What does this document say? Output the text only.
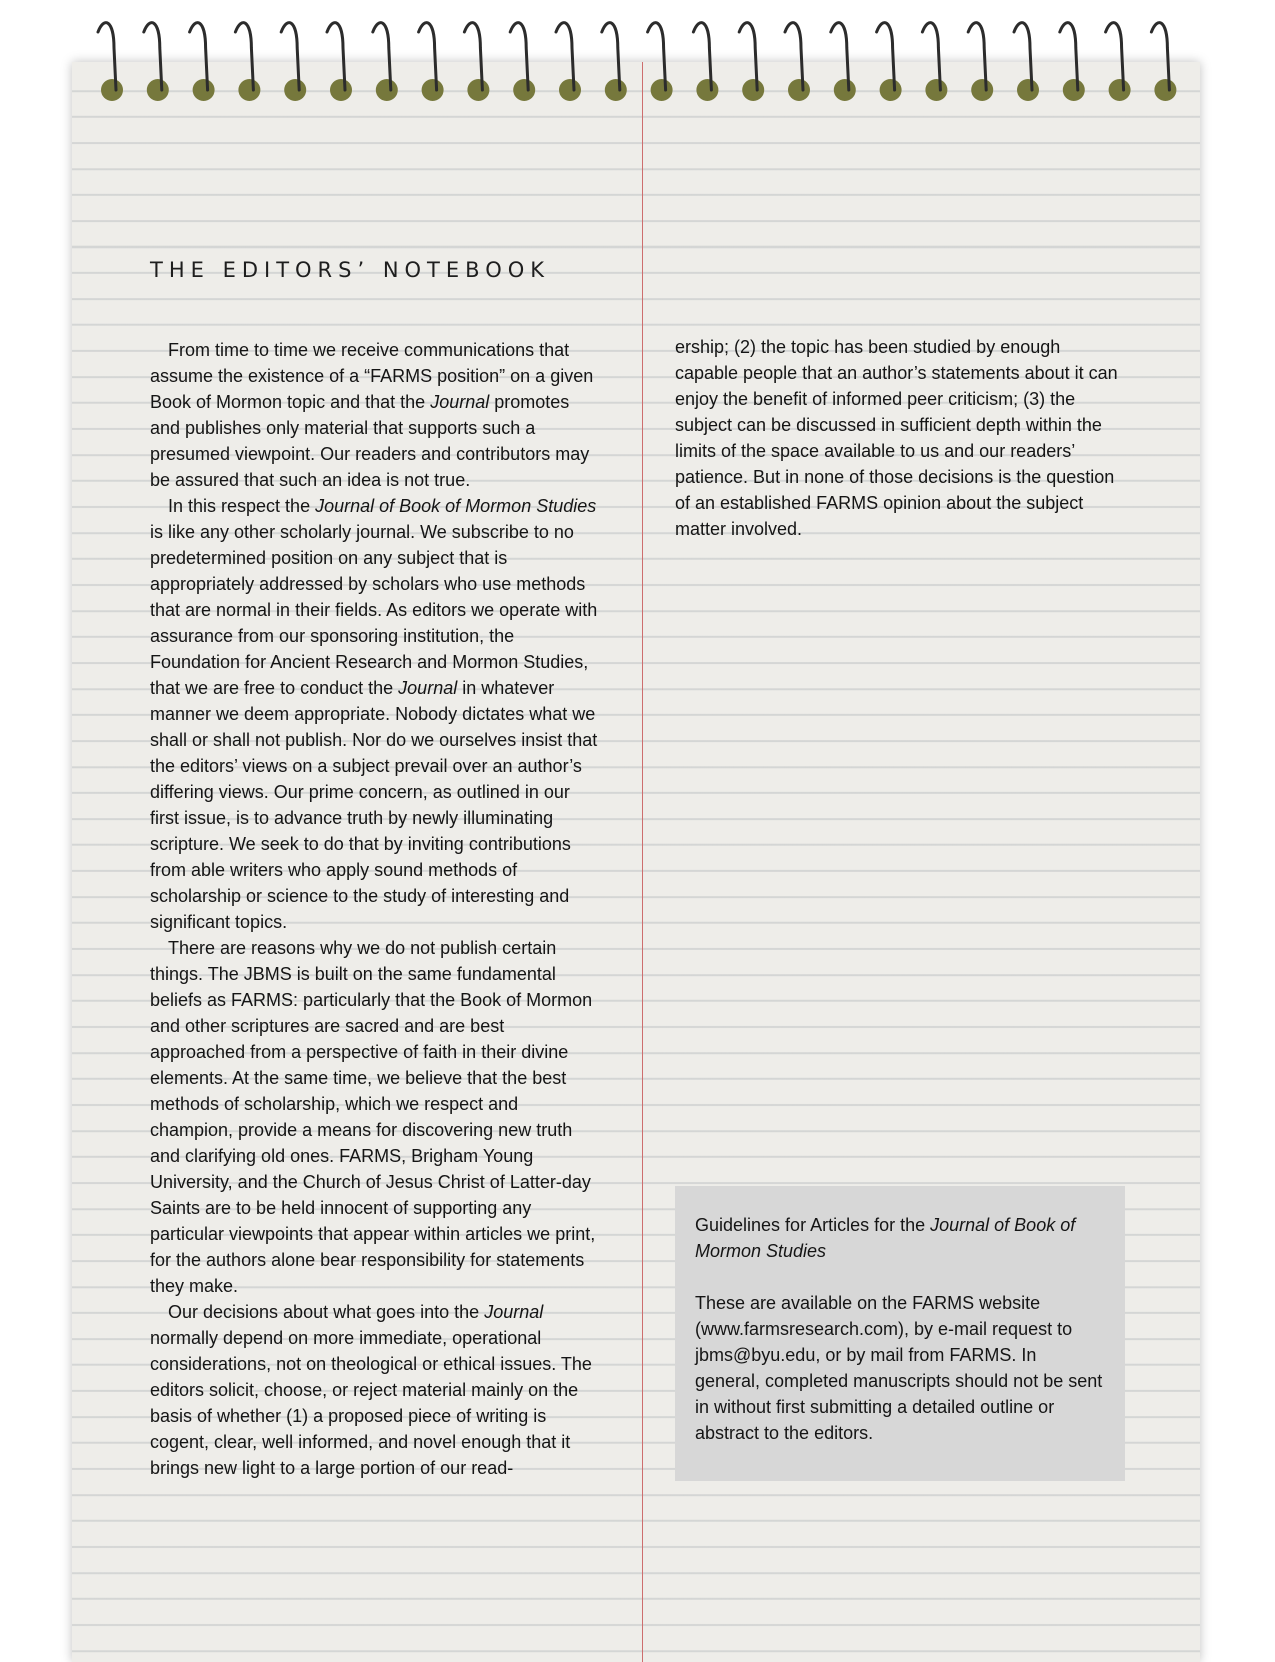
THE EDITORS’ NOTEBOOK

From time to time we receive communications that assume the existence of a “FARMS position” on a given Book of Mormon topic and that the Journal promotes and publishes only material that supports such a presumed viewpoint. Our readers and contributors may be assured that such an idea is not true.

In this respect the Journal of Book of Mormon Studies is like any other scholarly journal. We subscribe to no predetermined position on any subject that is appropriately addressed by scholars who use methods that are normal in their fields. As editors we operate with assurance from our sponsoring institution, the Foundation for Ancient Research and Mormon Studies, that we are free to conduct the Journal in whatever manner we deem appropriate. Nobody dictates what we shall or shall not publish. Nor do we ourselves insist that the editors’ views on a subject prevail over an author’s differing views. Our prime concern, as outlined in our first issue, is to advance truth by newly illuminating scripture. We seek to do that by inviting contributions from able writers who apply sound methods of scholarship or science to the study of interesting and significant topics.

There are reasons why we do not publish certain things. The JBMS is built on the same fundamental beliefs as FARMS: particularly that the Book of Mormon and other scriptures are sacred and are best approached from a perspective of faith in their divine elements. At the same time, we believe that the best methods of scholarship, which we respect and champion, provide a means for discovering new truth and clarifying old ones. FARMS, Brigham Young University, and the Church of Jesus Christ of Latter-day Saints are to be held innocent of supporting any particular viewpoints that appear within articles we print, for the authors alone bear responsibility for statements they make.

Our decisions about what goes into the Journal normally depend on more immediate, operational considerations, not on theological or ethical issues. The editors solicit, choose, or reject material mainly on the basis of whether (1) a proposed piece of writing is cogent, clear, well informed, and novel enough that it brings new light to a large portion of our read-

ership; (2) the topic has been studied by enough capable people that an author’s statements about it can enjoy the benefit of informed peer criticism; (3) the subject can be discussed in sufficient depth within the limits of the space available to us and our readers’ patience. But in none of those decisions is the question of an established FARMS opinion about the subject matter involved.

Guidelines for Articles for the Journal of Book of Mormon Studies

These are available on the FARMS website (www.farmsresearch.com), by e-mail request to jbms@byu.edu, or by mail from FARMS. In general, completed manuscripts should not be sent in without first submitting a detailed outline or abstract to the editors.
